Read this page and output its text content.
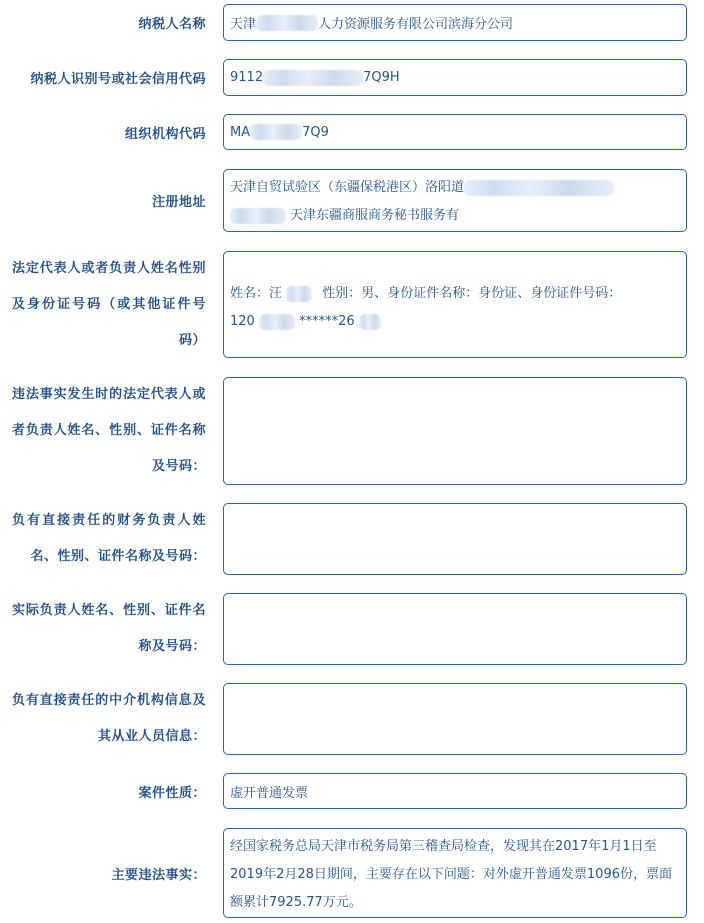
纳税人名称 天津	人力资源服务有限公司滨海分公司
纳税人识别号或社会信用代码 9112	7Q9H
组织机构代码 MA	7Q9
注册地址
天津自贸试验区（东疆保税港区）洛阳道
天津东疆商服商务秘书服务有
法定代表人或者负责人姓名性别及身份证号码（或其他证件号码）
姓名：汪	性别：男、身份证件名称：身份证、身份证件号码：
120	******26
违法事实发生时的法定代表人或者负责人姓名、性别、证件名称及号码：
负有直接责任的财务负责人姓名、性别、证件名称及号码：
实际负责人姓名、性别、证件名称及号码：
负有直接责任的中介机构信息及其从业人员信息：
案件性质： 虚开普通发票
主要违法事实：
经国家税务总局天津市税务局第三稽查局检查，发现其在2017年1月1日至2019年2月28日期间，主要存在以下问题：对外虚开普通发票1096份，票面额累计7925.77万元。
